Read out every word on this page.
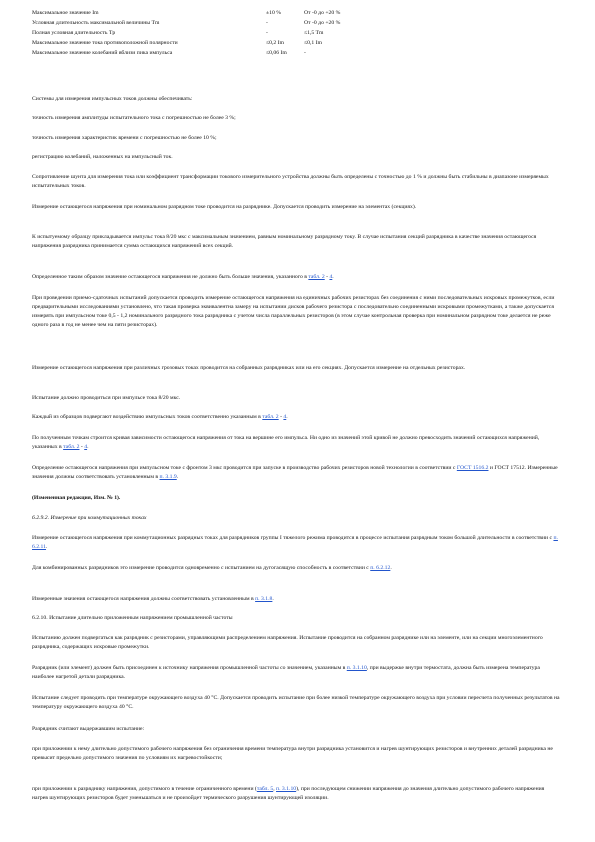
Максимальное значение Im	±10 %	От -0 до +20 %
Условная длительность максимальной величины Tm	-	От -0 до +20 %
Полная условная длительность Tp	-	≤1,5 Tm
Максимальное значение тока противоположной полярности	≤0,2 Im	≤0,1 Im
Максимальное значение колебаний вблизи пика импульса	≤0,06 Im	-

Системы для измерения импульсных токов должны обеспечивать:

точность измерения амплитуды испытательного тока с погрешностью не более 3 %;

точность измерения характеристик времени с погрешностью не более 10 %;

регистрацию колебаний, наложенных на импульсный ток.

Сопротивление шунта для измерения тока или коэффициент трансформации токового измерительного устройства должны быть определены с точностью до 1 % и должны быть стабильны в диапазоне измеряемых испытательных токов.

Измерение остающегося напряжения при номинальном разрядном токе проводится на разряднике. Допускается проводить измерение на элементах (секциях).

К испытуемому образцу прикладывается импульс тока 8/20 мкс с максимальным значением, равным номинальному разрядному току. В случае испытания секций разрядника в качестве значения остающегося напряжения разрядника принимается сумма остающихся напряжений всех секций.

Определенное таким образом значение остающегося напряжения не должно быть больше значения, указанного в табл. 2 - 4.

При проведении приемо-сдаточных испытаний допускается проводить измерение остающегося напряжения на единичных рабочих резисторах без соединения с ними последовательных искровых промежутков, если предварительными исследованиями установлено, что такая проверка эквивалентна замеру на испытании дисков рабочего резистора с последовательно соединенными искровыми промежутками, а также допускается измерять при импульсном токе 0,5 - 1,2 номинального разрядного тока разрядника с учетом числа параллельных резисторов (в этом случае контрольная проверка при номинальном разрядном токе делается не реже одного раза в год не менее чем на пяти резисторах).

Измерение остающегося напряжения при различных грозовых токах проводится на собранных разрядниках или на его секциях. Допускается измерение на отдельных резисторах.

Испытание должно проводиться при импульсе тока 8/20 мкс.

Каждый из образцов подвергают воздействию импульсных токов соответственно указанным в табл. 2 - 4.

По полученным точкам строится кривая зависимости остающегося напряжения от тока на вершине его импульса. Ни одно из значений этой кривой не должно превосходить значений остающихся напряжений, указанных в табл. 2 - 4.

Определение остающегося напряжения при импульсном токе с фронтом 3 мкс проводится при запуске в производство рабочих резисторов новой технологии в соответствии с ГОСТ 1516.2 и ГОСТ 17512. Измеренные значения должны соответствовать установленным в п. 3.1.9.

(Измененная редакция, Изм. № 1).

6.2.9.2. Измерение при коммутационных токах

Измерение остающегося напряжения при коммутационных разрядных токах для разрядников группы I тяжелого режима проводится в процессе испытания разрядным током большой длительности в соответствии с п. 6.2.11.

Для комбинированных разрядников это измерение проводится одновременно с испытанием на дугогасящую способность в соответствии с п. 6.2.12.

Измеренные значения остающегося напряжения должны соответствовать установленным в п. 3.1.8.

6.2.10. Испытание длительно приложенным напряжением промышленной частоты

Испытанию должен подвергаться как разрядник с резисторами, управляющими распределением напряжения. Испытание проводится на собранном разряднике или на элементе, или на секции многоэлементного разрядника, содержащих искровые промежутки.

Разрядник (или элемент) должен быть присоединен к источнику напряжения промышленной частоты со значением, указанным в п. 3.1.10, при выдержке внутри термостата, должна быть измерена температура наиболее нагретой детали разрядника.

Испытание следует проводить при температуре окружающего воздуха 40 °С. Допускается проводить испытание при более низкой температуре окружающего воздуха при условии пересчета полученных результатов на температуру окружающего воздуха 40 °С.

Разрядник считают выдержавшим испытание:

при приложении к нему длительно допустимого рабочего напряжения без ограничения времени температура внутри разрядника установится и нагрев шунтирующих резисторов и внутренних деталей разрядника не превысит предельно допустимого значения по условиям их нагревостойкости;

при приложении к разряднику напряжения, допустимого в течение ограниченного времени (табл. 5, п. 3.1.10), при последующем снижении напряжения до значения длительно допустимого рабочего напряжения нагрев шунтирующих резисторов будет уменьшаться и не произойдет термического разрушения шунтирующей изоляции.
